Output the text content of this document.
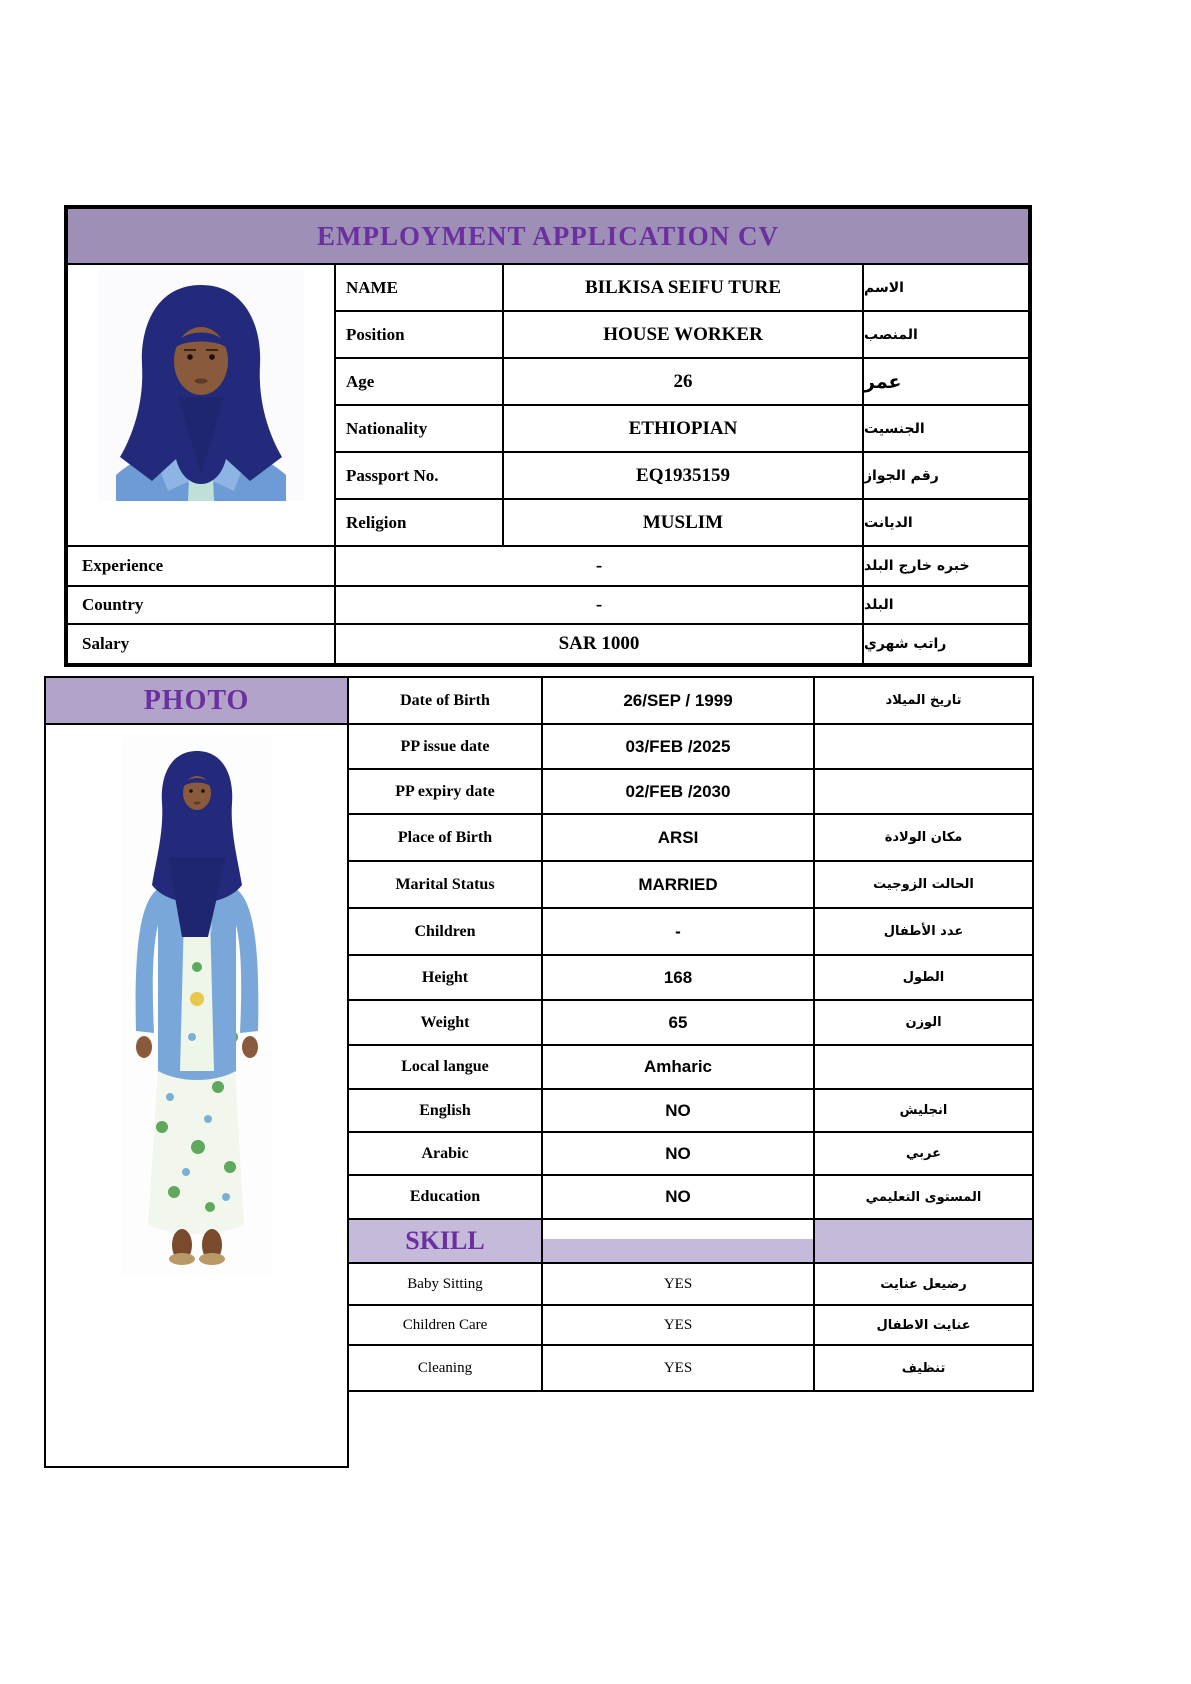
EMPLOYMENT APPLICATION CV
NAME	BILKISA SEIFU TURE	الاسم
Position	HOUSE WORKER	المنصب
Age	26	عمر
Nationality	ETHIOPIAN	الجنسيت
Passport No.	EQ1935159	رقم الجواز
Religion	MUSLIM	الديانت
Experience	-	خبره خارج البلد
Country	-	البلد
Salary	SAR 1000	راتب شهري
PHOTO	Date of Birth	26/SEP / 1999	تاريخ الميلاد
PP issue date	03/FEB /2025
PP expiry date	02/FEB /2030
Place of Birth	ARSI	مكان الولادة
Marital Status	MARRIED	الحالت الزوجيت
Children	-	عدد الأطفال
Height	168	الطول
Weight	65	الوزن
Local langue	Amharic
English	NO	انجليش
Arabic	NO	عربي
Education	NO	المستوى التعليمي
SKILL
Baby Sitting	YES	رضيعل عنايت
Children Care	YES	عنايت الاطفال
Cleaning	YES	تنظيف
